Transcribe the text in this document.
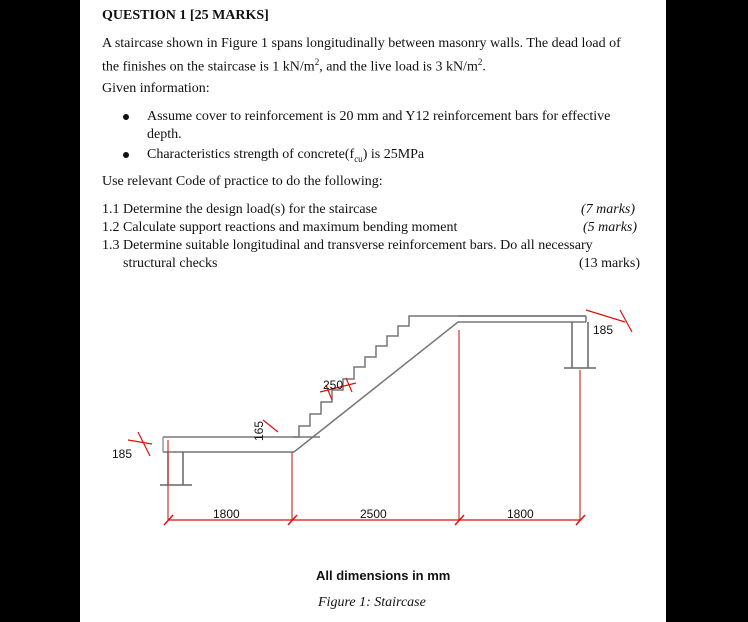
QUESTION 1 [25 MARKS]
A staircase shown in Figure 1 spans longitudinally between masonry walls. The dead load of
the finishes on the staircase is 1 $kN/m^2$, and the live load is 3 $kN/m^2$.
Given information:
Assume cover to reinforcement is 20 mm and Y12 reinforcement bars for effective
depth.
Characteristics strength of $concrete(f_{cu})$ is 25MPa
Use relevant Code of practice to do the following:
1.1 Determine the design load(s) for the staircase	(7 marks)
1.2 Calculate support reactions and maximum bending moment	(5 marks)
1.3 Determine suitable longitudinal and transverse reinforcement bars. Do all necessary
structural checks	(13 marks)
185
185
250
165
1800	2500	1800
All dimensions in mm
Figure 1: Staircase
